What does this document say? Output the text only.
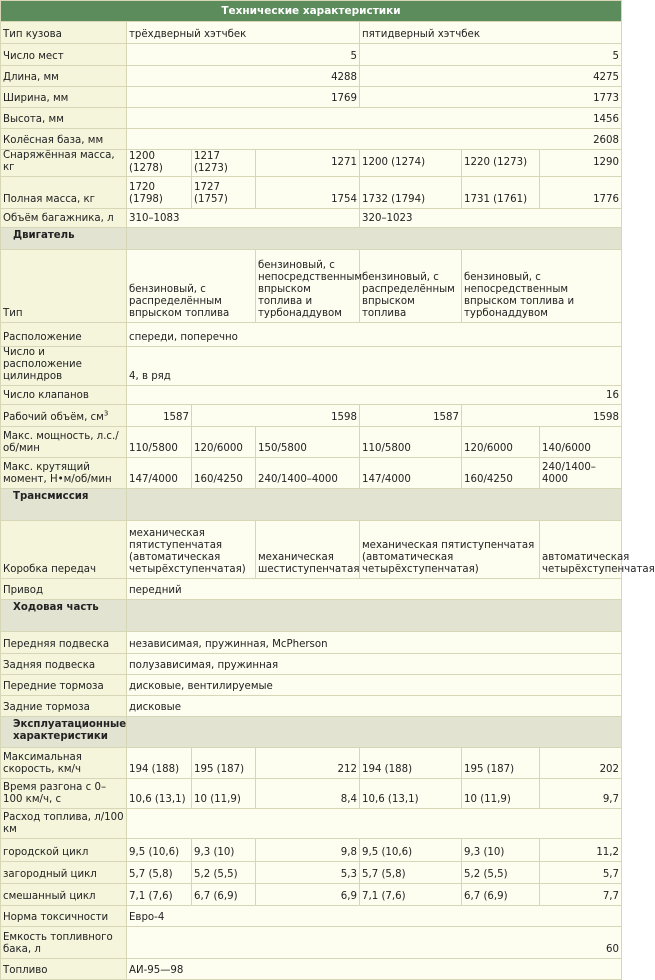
Технические характеристики						
Тип кузова	трёхдверный хэтчбек			пятидверный хэтчбек		
Число мест	5			5		
Длина, мм	4288			4275		
Ширина, мм	1769			1773		
Высота, мм	1456					
Колёсная база, мм	2608					
Снаряжённая масса, кг	1200 (1278)	1217 (1273)	1271	1200 (1274)	1220 (1273)	1290
Полная масса, кг	1720 (1798)	1727 (1757)	1754	1732 (1794)	1731 (1761)	1776
Объём багажника, л	310–1083			320–1023		
Двигатель						
Тип	бензиновый, с распределённым впрыском топлива		бензиновый, с непосредственным впрыском топлива и турбонаддувом	бензиновый, с распределённым впрыском топлива	бензиновый, с непосредственным впрыском топлива и турбонаддувом	
Расположение	спереди, поперечно					
Число и расположение цилиндров	4, в ряд					
Число клапанов	16					
Рабочий объём, $см^3$	1587	1598		1587	1598	
Макс. мощность, л.с./об/мин	110/5800	120/6000	150/5800	110/5800	120/6000	140/6000
Макс. крутящий момент, Н•м/об/мин	147/4000	160/4250	240/1400–4000	147/4000	160/4250	240/1400–4000
Трансмиссия						
Коробка передач	механическая пятиступенчатая (автоматическая четырёхступенчатая)		механическая шестиступенчатая	механическая пятиступенчатая (автоматическая четырёхступенчатая)		автоматическая четырёхступенчатая
Привод	передний					
Ходовая часть						
Передняя подвеска	независимая, пружинная, McPherson					
Задняя подвеска	полузависимая, пружинная					
Передние тормоза	дисковые, вентилируемые					
Задние тормоза	дисковые					
Эксплуатационные характеристики						
Максимальная скорость, км/ч	194 (188)	195 (187)	212	194 (188)	195 (187)	202
Время разгона с 0–100 км/ч, с	10,6 (13,1)	10 (11,9)	8,4	10,6 (13,1)	10 (11,9)	9,7
Расход топлива, л/100 км						
городской цикл	9,5 (10,6)	9,3 (10)	9,8	9,5 (10,6)	9,3 (10)	11,2
загородный цикл	5,7 (5,8)	5,2 (5,5)	5,3	5,7 (5,8)	5,2 (5,5)	5,7
смешанный цикл	7,1 (7,6)	6,7 (6,9)	6,9	7,1 (7,6)	6,7 (6,9)	7,7
Норма токсичности	Евро-4					
Емкость топливного бака, л	60					
Топливо	АИ-95—98					
